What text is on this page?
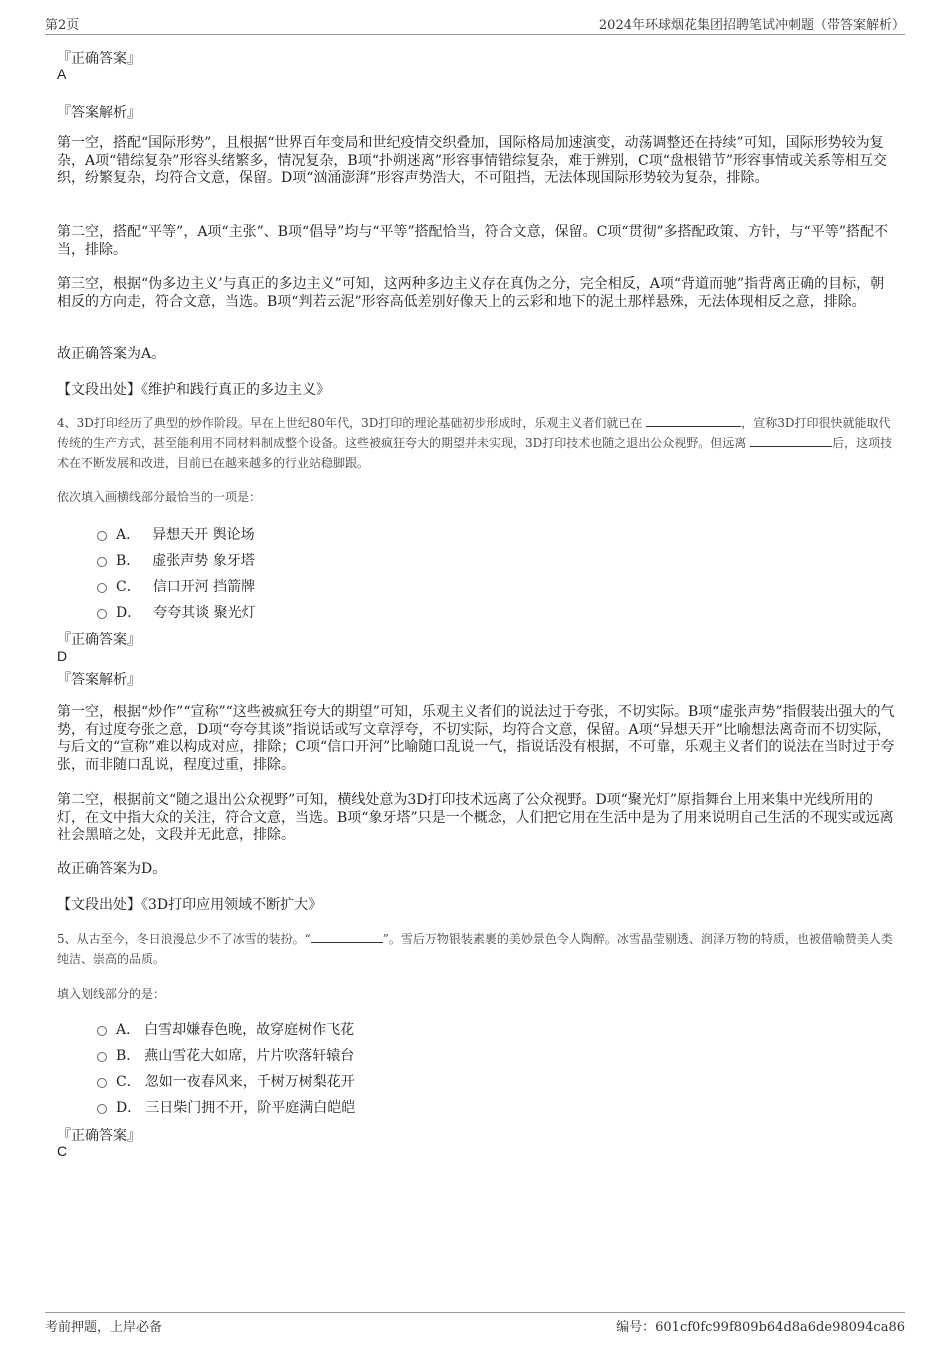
第2页	2024年环球烟花集团招聘笔试冲刺题（带答案解析）
『正确答案』
A
『答案解析』
第一空，搭配“国际形势”，且根据“世界百年变局和世纪疫情交织叠加，国际格局加速演变，动荡调整还在持续”可知，国际形势较为复杂，A项“错综复杂”形容头绪繁多，情况复杂，B项“扑朔迷离”形容事情错综复杂，难于辨别，C项“盘根错节”形容事情或关系等相互交织，纷繁复杂，均符合文意，保留。D项“汹涌澎湃”形容声势浩大，不可阻挡，无法体现国际形势较为复杂，排除。
第二空，搭配“平等”，A项“主张”、B项“倡导”均与“平等”搭配恰当，符合文意，保留。C项“贯彻”多搭配政策、方针，与“平等”搭配不当，排除。
第三空，根据“伪多边主义’与真正的多边主义”可知，这两种多边主义存在真伪之分，完全相反，A项“背道而驰”指背离正确的目标，朝相反的方向走，符合文意，当选。B项“判若云泥”形容高低差别好像天上的云彩和地下的泥土那样悬殊，无法体现相反之意，排除。
故正确答案为A。
【文段出处】《维护和践行真正的多边主义》
4、3D打印经历了典型的炒作阶段。早在上世纪80年代，3D打印的理论基础初步形成时，乐观主义者们就已在	，宣称3D打印很快就能取代传统的生产方式，甚至能利用不同材料制成整个设备。这些被疯狂夸大的期望并未实现，3D打印技术也随之退出公众视野。但远离	后，这项技术在不断发展和改进，目前已在越来越多的行业站稳脚跟。
依次填入画横线部分最恰当的一项是：
A． 异想天开 舆论场
B． 虚张声势 象牙塔
C． 信口开河 挡箭牌
D． 夸夸其谈 聚光灯
『正确答案』
D
『答案解析』
第一空，根据“炒作”“宣称”“这些被疯狂夸大的期望”可知，乐观主义者们的说法过于夸张，不切实际。B项“虚张声势”指假装出强大的气势，有过度夸张之意，D项“夸夸其谈”指说话或写文章浮夸，不切实际，均符合文意，保留。A项“异想天开”比喻想法离奇而不切实际，与后文的“宣称”难以构成对应，排除；C项“信口开河”比喻随口乱说一气，指说话没有根据，不可靠，乐观主义者们的说法在当时过于夸张，而非随口乱说，程度过重，排除。
第二空，根据前文“随之退出公众视野”可知，横线处意为3D打印技术远离了公众视野。D项“聚光灯”原指舞台上用来集中光线所用的灯，在文中指大众的关注，符合文意，当选。B项“象牙塔”只是一个概念，人们把它用在生活中是为了用来说明自己生活的不现实或远离社会黑暗之处，文段并无此意，排除。
故正确答案为D。
【文段出处】《3D打印应用领域不断扩大》
5、从古至今，冬日浪漫总少不了冰雪的装扮。“	”。雪后万物银装素裹的美妙景色令人陶醉。冰雪晶莹剔透、润泽万物的特质，也被借喻赞美人类纯洁、崇高的品质。
填入划线部分的是：
A． 白雪却嫌春色晚，故穿庭树作飞花
B． 燕山雪花大如席，片片吹落轩辕台
C． 忽如一夜春风来，千树万树梨花开
D． 三日柴门拥不开，阶平庭满白皑皑
『正确答案』
C
考前押题，上岸必备	编号：601cf0fc99f809b64d8a6de98094ca86
